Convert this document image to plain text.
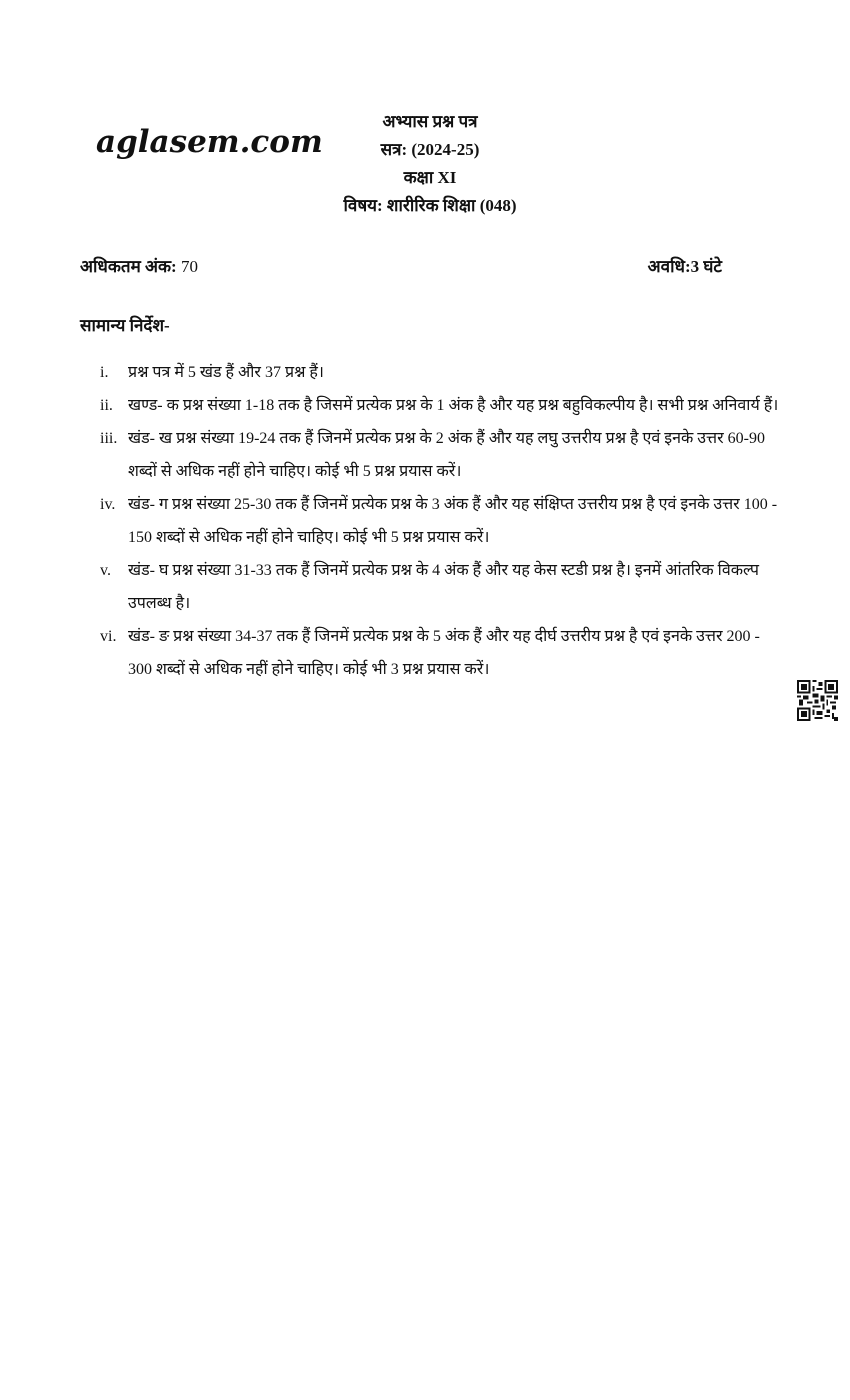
aglasem.com
अभ्यास प्रश्न पत्र
सत्र: (2024-25)
कक्षा XI
विषय: शारीरिक शिक्षा (048)
अधिकतम अंक: 70	अवधि:3 घंटे
सामान्य निर्देश-
i.	प्रश्न पत्र में 5 खंड हैं और 37 प्रश्न हैं।
ii. खण्ड- क प्रश्न संख्या 1-18 तक है जिसमें प्रत्येक प्रश्न के 1 अंक है और यह प्रश्न बहुविकल्पीय है। सभी प्रश्न अनिवार्य हैं।
iii. खंड- ख प्रश्न संख्या 19-24 तक हैं जिनमें प्रत्येक प्रश्न के 2 अंक हैं और यह लघु उत्तरीय प्रश्न है एवं इनके उत्तर 60-90 शब्दों से अधिक नहीं होने चाहिए। कोई भी 5 प्रश्न प्रयास करें।
iv. खंड- ग प्रश्न संख्या 25-30 तक हैं जिनमें प्रत्येक प्रश्न के 3 अंक हैं और यह संक्षिप्त उत्तरीय प्रश्न है एवं इनके उत्तर 100 - 150 शब्दों से अधिक नहीं होने चाहिए। कोई भी 5 प्रश्न प्रयास करें।
v.	खंड- घ प्रश्न संख्या 31-33 तक हैं जिनमें प्रत्येक प्रश्न के 4 अंक हैं और यह केस स्टडी प्रश्न है। इनमें आंतरिक विकल्प उपलब्ध है।
vi. खंड- ङ प्रश्न संख्या 34-37 तक हैं जिनमें प्रत्येक प्रश्न के 5 अंक हैं और यह दीर्घ उत्तरीय प्रश्न है एवं इनके उत्तर 200 - 300 शब्दों से अधिक नहीं होने चाहिए। कोई भी 3 प्रश्न प्रयास करें।
